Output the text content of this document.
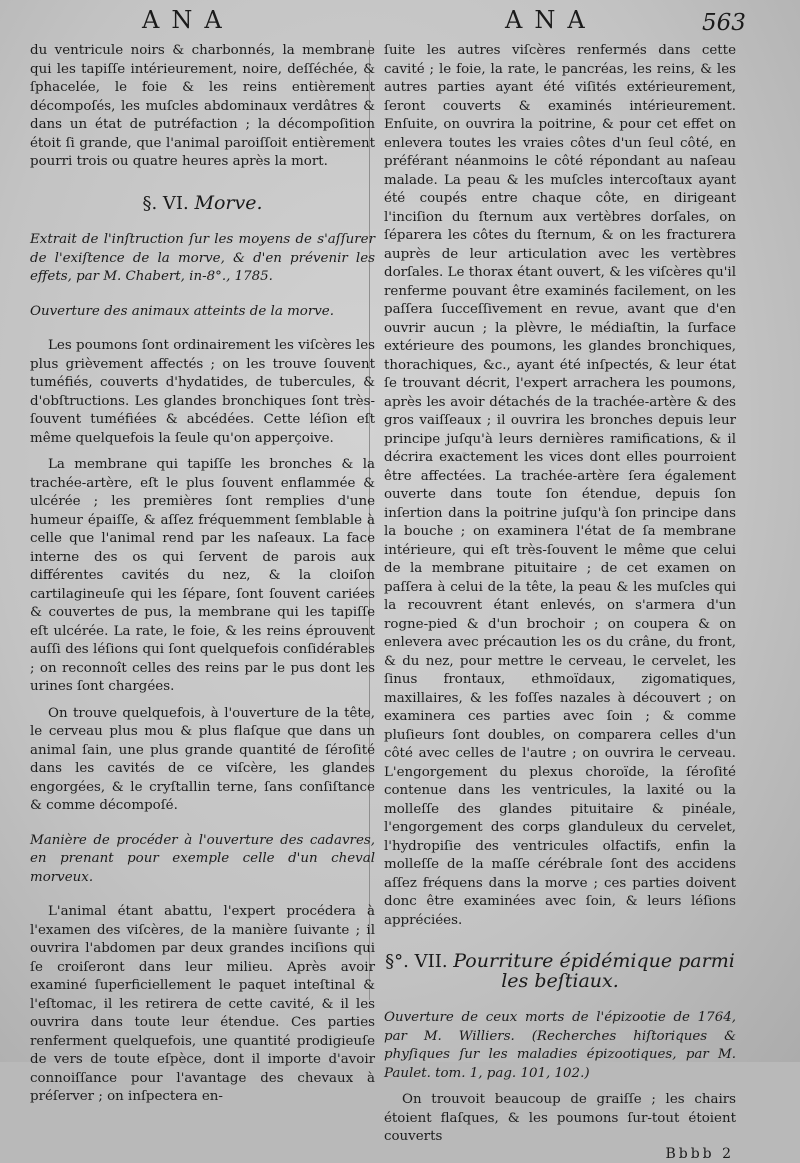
ANA	ANA	563

du ventricule noirs & charbonnés, la membrane qui les tapiſſe intérieurement, noire, deſſéchée, & ſphacelée, le foie & les reins entièrement décompoſés, les muſcles abdominaux verdâtres & dans un état de putréfaction ; la décompoſition étoit ſi grande, que l'animal paroiſſoit entièrement pourri trois ou quatre heures après la mort.

§. VI. Morve.

Extrait de l'inſtruction ſur les moyens de s'aſſurer de l'exiſtence de la morve, & d'en prévenir les effets, par M. Chabert, in-8°., 1785.

Ouverture des animaux atteints de la morve.

Les poumons ſont ordinairement les viſcères les plus grièvement affectés ; on les trouve ſouvent tuméfiés, couverts d'hydatides, de tubercules, & d'obſtructions. Les glandes bronchiques ſont très-ſouvent tuméfiées & abcédées. Cette léſion eſt même quelquefois la ſeule qu'on apperçoive.

La membrane qui tapiſſe les bronches & la trachée-artère, eſt le plus ſouvent enflammée & ulcérée ; les premières ſont remplies d'une humeur épaiſſe, & aſſez fréquemment ſemblable à celle que l'animal rend par les naſeaux. La face interne des os qui ſervent de parois aux différentes cavités du nez, & la cloiſon cartilagineuſe qui les ſépare, ſont ſouvent cariées & couvertes de pus, la membrane qui les tapiſſe eſt ulcérée. La rate, le foie, & les reins éprouvent auſſi des léſions qui ſont quelquefois conſidérables ; on reconnoît celles des reins par le pus dont les urines ſont chargées.

On trouve quelquefois, à l'ouverture de la tête, le cerveau plus mou & plus flaſque que dans un animal ſain, une plus grande quantité de ſéroſité dans les cavités de ce viſcère, les glandes engorgées, & le cryſtallin terne, ſans conſiſtance & comme décompoſé.

Manière de procéder à l'ouverture des cadavres, en prenant pour exemple celle d'un cheval morveux.

L'animal étant abattu, l'expert procédera à l'examen des viſcères, de la manière ſuivante ; il ouvrira l'abdomen par deux grandes inciſions qui ſe croiſeront dans leur milieu. Après avoir examiné ſuperficiellement le paquet inteſtinal & l'eſtomac, il les retirera de cette cavité, & il les ouvrira dans toute leur étendue. Ces parties renferment quelquefois, une quantité prodigieuſe de vers de toute eſpèce, dont il importe d'avoir connoiſſance pour l'avantage des chevaux à préſerver ; on inſpectera en-

ſuite les autres viſcères renfermés dans cette cavité ; le foie, la rate, le pancréas, les reins, & les autres parties ayant été viſités extérieurement, ſeront couverts & examinés intérieurement. Enſuite, on ouvrira la poitrine, & pour cet effet on enlevera toutes les vraies côtes d'un ſeul côté, en préférant néanmoins le côté répondant au naſeau malade. La peau & les muſcles intercoſtaux ayant été coupés entre chaque côte, en dirigeant l'inciſion du ſternum aux vertèbres dorſales, on ſéparera les côtes du ſternum, & on les fracturera auprès de leur articulation avec les vertèbres dorſales. Le thorax étant ouvert, & les viſcères qu'il renferme pouvant être examinés facilement, on les paſſera ſucceſſivement en revue, avant que d'en ouvrir aucun ; la plèvre, le médiaſtin, la ſurface extérieure des poumons, les glandes bronchiques, thorachiques, &c., ayant été inſpectés, & leur état ſe trouvant décrit, l'expert arrachera les poumons, après les avoir détachés de la trachée-artère & des gros vaiſſeaux ; il ouvrira les bronches depuis leur principe juſqu'à leurs dernières ramifications, & il décrira exactement les vices dont elles pourroient être affectées. La trachée-artère ſera également ouverte dans toute ſon étendue, depuis ſon inſertion dans la poitrine juſqu'à ſon principe dans la bouche ; on examinera l'état de ſa membrane intérieure, qui eſt très-ſouvent le même que celui de la membrane pituitaire ; de cet examen on paſſera à celui de la tête, la peau & les muſcles qui la recouvrent étant enlevés, on s'armera d'un rogne-pied & d'un brochoir ; on coupera & on enlevera avec précaution les os du crâne, du front, & du nez, pour mettre le cerveau, le cervelet, les ſinus frontaux, ethmoïdaux, zigomatiques, maxillaires, & les foſſes nazales à découvert ; on examinera ces parties avec ſoin ; & comme pluſieurs ſont doubles, on comparera celles d'un côté avec celles de l'autre ; on ouvrira le cerveau. L'engorgement du plexus choroïde, la ſéroſité contenue dans les ventricules, la laxité ou la molleſſe des glandes pituitaire & pinéale, l'engorgement des corps glanduleux du cervelet, l'hydropiſie des ventricules olfactifs, enfin la molleſſe de la maſſe cérébrale ſont des accidens aſſez fréquens dans la morve ; ces parties doivent donc être examinées avec ſoin, & leurs léſions appréciées.

§°. VII. Pourriture épidémique parmi les beſtiaux.

Ouverture de ceux morts de l'épizootie de 1764, par M. Williers. (Recherches hiſtoriques & phyſiques ſur les maladies épizootiques, par M. Paulet. tom. 1, pag. 101, 102.)

On trouvoit beaucoup de graiſſe ; les chairs étoient flaſques, & les poumons ſur-tout étoient couverts

Bbbb 2
